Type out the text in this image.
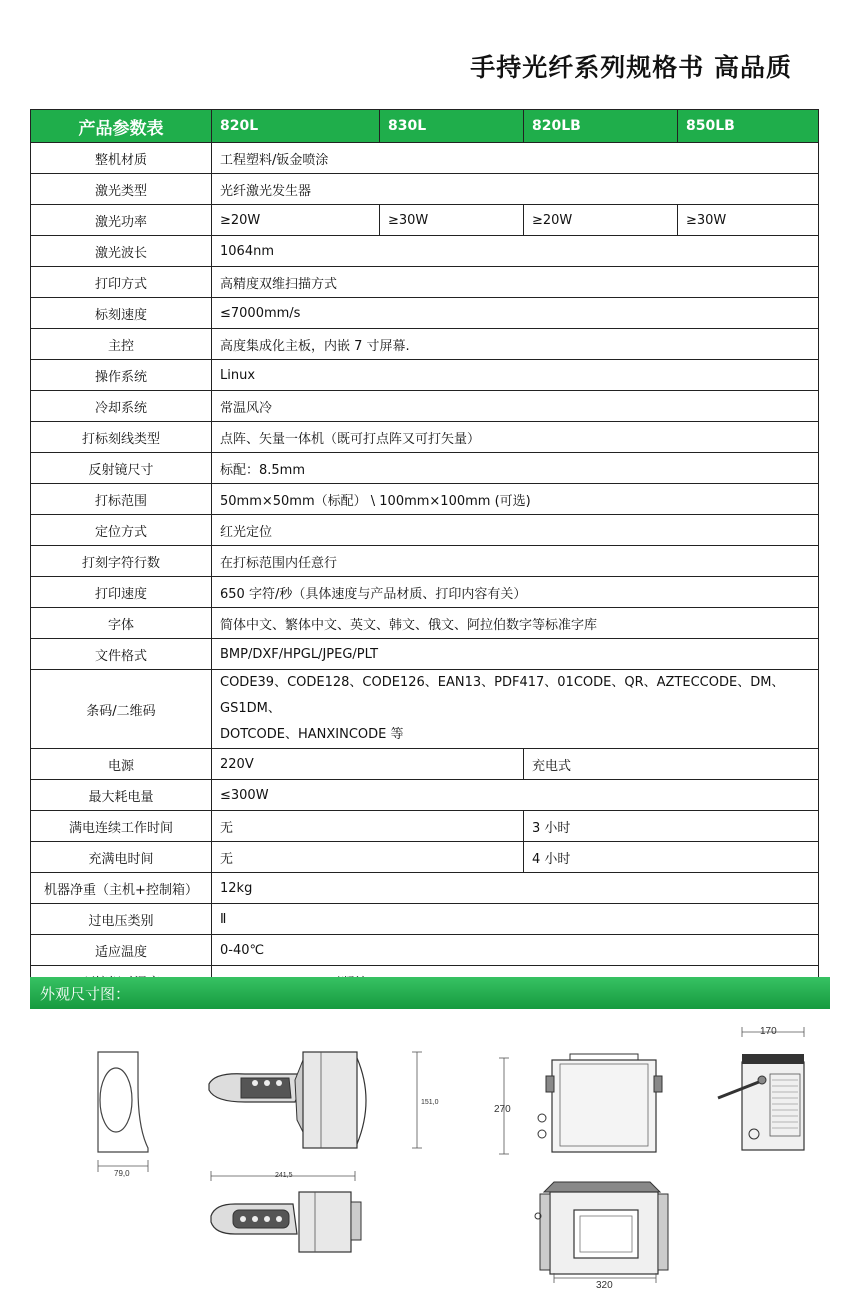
手持光纤系列规格书 高品质
产品参数表	820L	830L	820LB	850LB
整机材质	工程塑料/钣金喷涂			
激光类型	光纤激光发生器			
激光功率	≥20W	≥30W	≥20W	≥30W
激光波长	1064nm			
打印方式	高精度双维扫描方式			
标刻速度	≤7000mm/s			
主控	高度集成化主板，内嵌 7 寸屏幕.			
操作系统	Linux			
冷却系统	常温风冷			
打标刻线类型	点阵、矢量一体机（既可打点阵又可打矢量）			
反射镜尺寸	标配：8.5mm			
打标范围	50mm×50mm（标配） \ 100mm×100mm (可选)			
定位方式	红光定位			
打刻字符行数	在打标范围内任意行			
打印速度	650 字符/秒（具体速度与产品材质、打印内容有关）			
字体	简体中文、繁体中文、英文、韩文、俄文、阿拉伯数字等标准字库			
文件格式	BMP/DXF/HPGL/JPEG/PLT			
条码/二维码	CODE39、CODE128、CODE126、EAN13、PDF417、01CODE、QR、AZTECCODE、DM、GS1DM、
DOTCODE、HANXINCODE 等			

电源	220V		充电式	
最大耗电量	≤300W			
满电连续工作时间	无		3 小时	
充满电时间	无		4 小时	
机器净重（主机+控制箱）	12kg			
过电压类别	Ⅱ			
适应温度	0-40℃			

外观尺寸图：
79,0
151,0
241,5
270
170
320
